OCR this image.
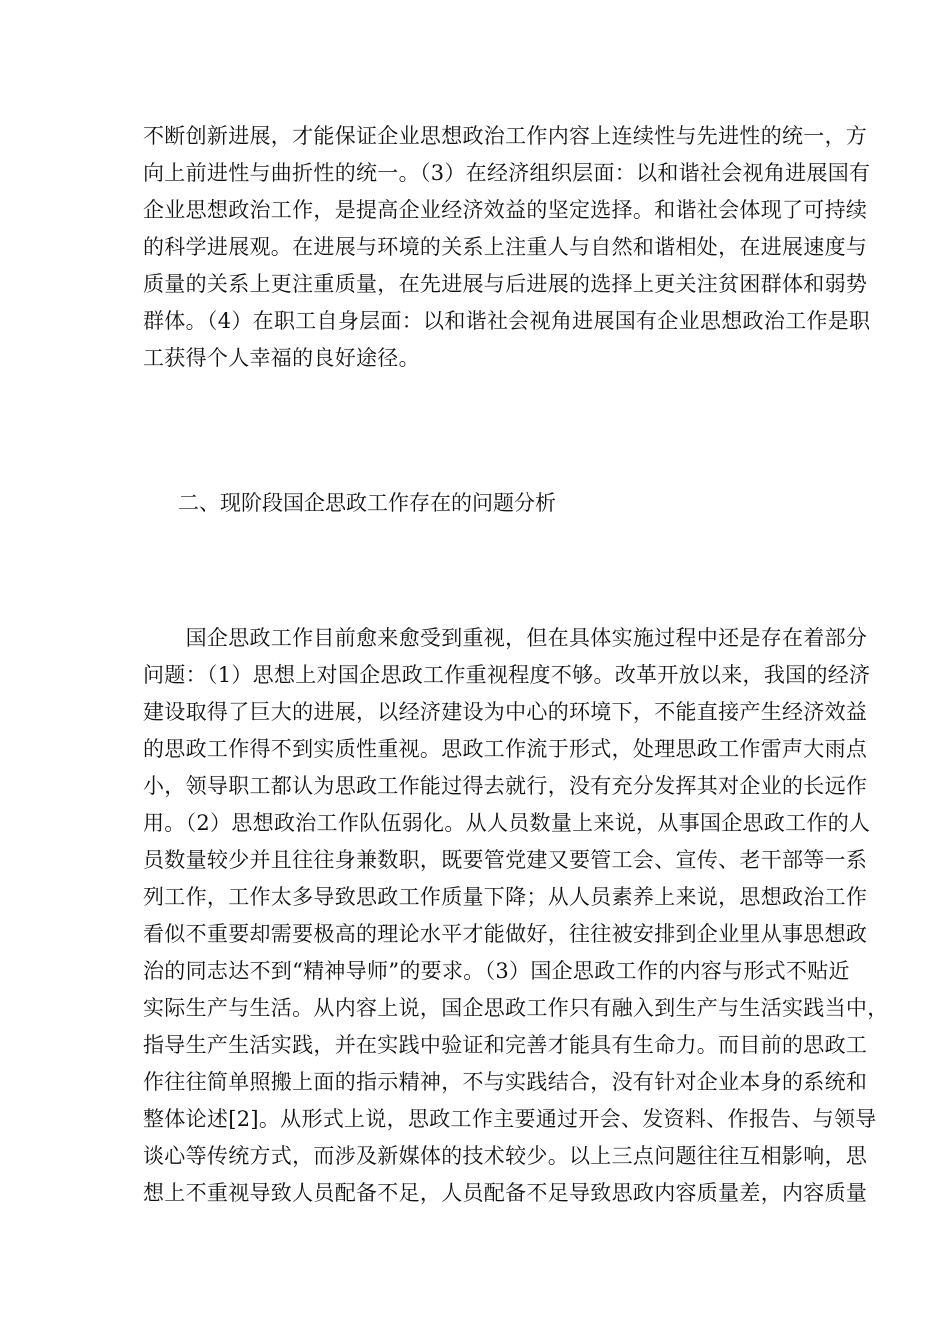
不断创新进展，才能保证企业思想政治工作内容上连续性与先进性的统一，方
向上前进性与曲折性的统一。（3）在经济组织层面：以和谐社会视角进展国有
企业思想政治工作，是提高企业经济效益的坚定选择。和谐社会体现了可持续
的科学进展观。在进展与环境的关系上注重人与自然和谐相处，在进展速度与
质量的关系上更注重质量，在先进展与后进展的选择上更关注贫困群体和弱势
群体。（4）在职工自身层面：以和谐社会视角进展国有企业思想政治工作是职
工获得个人幸福的良好途径。
二、现阶段国企思政工作存在的问题分析
　　国企思政工作目前愈来愈受到重视，但在具体实施过程中还是存在着部分
问题：（1）思想上对国企思政工作重视程度不够。改革开放以来，我国的经济
建设取得了巨大的进展，以经济建设为中心的环境下，不能直接产生经济效益
的思政工作得不到实质性重视。思政工作流于形式，处理思政工作雷声大雨点
小，领导职工都认为思政工作能过得去就行，没有充分发挥其对企业的长远作
用。（2）思想政治工作队伍弱化。从人员数量上来说，从事国企思政工作的人
员数量较少并且往往身兼数职，既要管党建又要管工会、宣传、老干部等一系
列工作，工作太多导致思政工作质量下降；从人员素养上来说，思想政治工作
看似不重要却需要极高的理论水平才能做好，往往被安排到企业里从事思想政
治的同志达不到“精神导师”的要求。（3）国企思政工作的内容与形式不贴近
实际生产与生活。从内容上说，国企思政工作只有融入到生产与生活实践当中，
指导生产生活实践，并在实践中验证和完善才能具有生命力。而目前的思政工
作往往简单照搬上面的指示精神，不与实践结合，没有针对企业本身的系统和
整体论述[2]。从形式上说，思政工作主要通过开会、发资料、作报告、与领导
谈心等传统方式，而涉及新媒体的技术较少。以上三点问题往往互相影响，思
想上不重视导致人员配备不足，人员配备不足导致思政内容质量差，内容质量
